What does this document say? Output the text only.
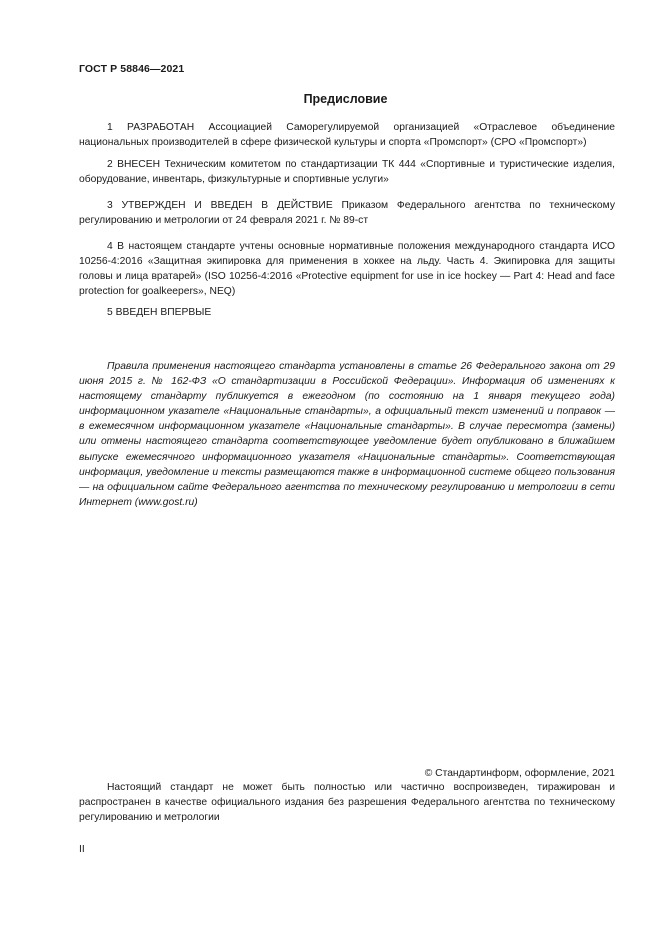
ГОСТ Р 58846—2021
Предисловие

1 РАЗРАБОТАН Ассоциацией Саморегулируемой организацией «Отраслевое объединение национальных производителей в сфере физической культуры и спорта «Промспорт» (СРО «Промспорт»)

2 ВНЕСЕН Техническим комитетом по стандартизации ТК 444 «Спортивные и туристические изделия, оборудование, инвентарь, физкультурные и спортивные услуги»

3 УТВЕРЖДЕН И ВВЕДЕН В ДЕЙСТВИЕ Приказом Федерального агентства по техническому регулированию и метрологии от 24 февраля 2021 г. № 89-ст

4 В настоящем стандарте учтены основные нормативные положения международного стандарта ИСО 10256-4:2016 «Защитная экипировка для применения в хоккее на льду. Часть 4. Экипировка для защиты головы и лица вратарей» (ISO 10256-4:2016 «Protective equipment for use in ice hockey — Part 4: Head and face protection for goalkeepers», NEQ)

5 ВВЕДЕН ВПЕРВЫЕ

Правила применения настоящего стандарта установлены в статье 26 Федерального закона от 29 июня 2015 г. № 162-ФЗ «О стандартизации в Российской Федерации». Информация об изменениях к настоящему стандарту публикуется в ежегодном (по состоянию на 1 января текущего года) информационном указателе «Национальные стандарты», а официальный текст изменений и поправок — в ежемесячном информационном указателе «Национальные стандарты». В случае пересмотра (замены) или отмены настоящего стандарта соответствующее уведомление будет опубликовано в ближайшем выпуске ежемесячного информационного указателя «Национальные стандарты». Соответствующая информация, уведомление и тексты размещаются также в информационной системе общего пользования — на официальном сайте Федерального агентства по техническому регулированию и метрологии в сети Интернет (www.gost.ru)

© Стандартинформ, оформление, 2021

Настоящий стандарт не может быть полностью или частично воспроизведен, тиражирован и распространен в качестве официального издания без разрешения Федерального агентства по техническому регулированию и метрологии

II
